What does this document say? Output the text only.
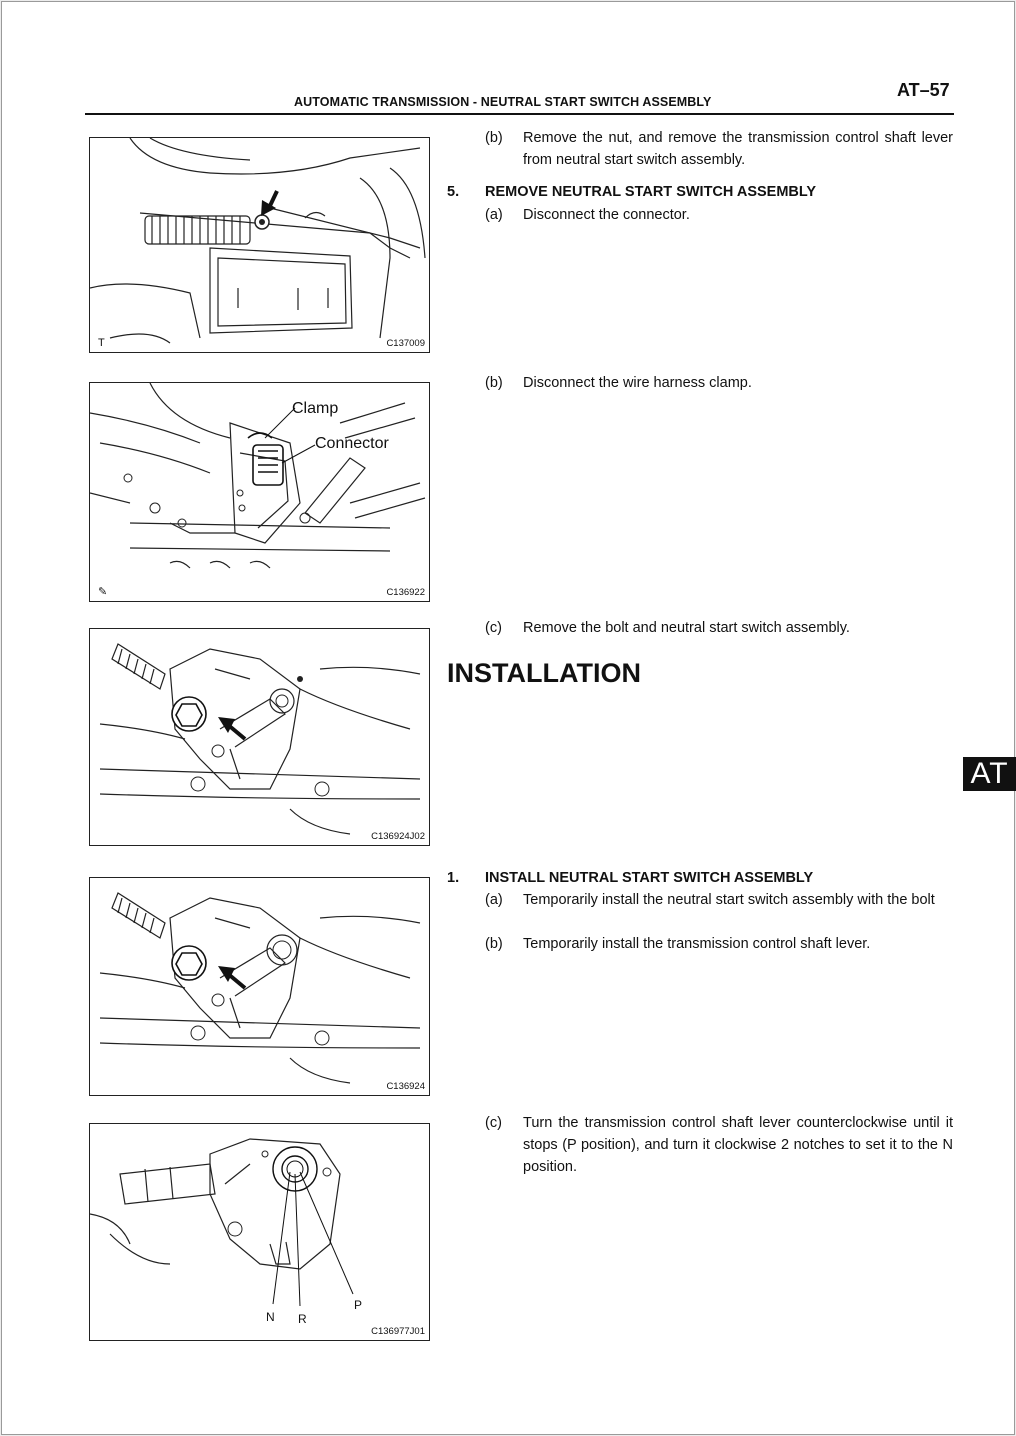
AUTOMATIC TRANSMISSION - NEUTRAL START SWITCH ASSEMBLY
AT–57
T	C137009
Clamp
Connector
✎	C136922
C136924J02
C136924
N R
P
C136977J01
(b) Remove the nut, and remove the transmission control shaft lever from neutral start switch assembly.
5. REMOVE NEUTRAL START SWITCH ASSEMBLY
(a) Disconnect the connector.
(b) Disconnect the wire harness clamp.
(c) Remove the bolt and neutral start switch assembly.
INSTALLATION
1. INSTALL NEUTRAL START SWITCH ASSEMBLY
(a) Temporarily install the neutral start switch assembly with the bolt
(b) Temporarily install the transmission control shaft lever.
(c) Turn the transmission control shaft lever counterclockwise until it stops (P position), and turn it clockwise 2 notches to set it to the N position.
AT
